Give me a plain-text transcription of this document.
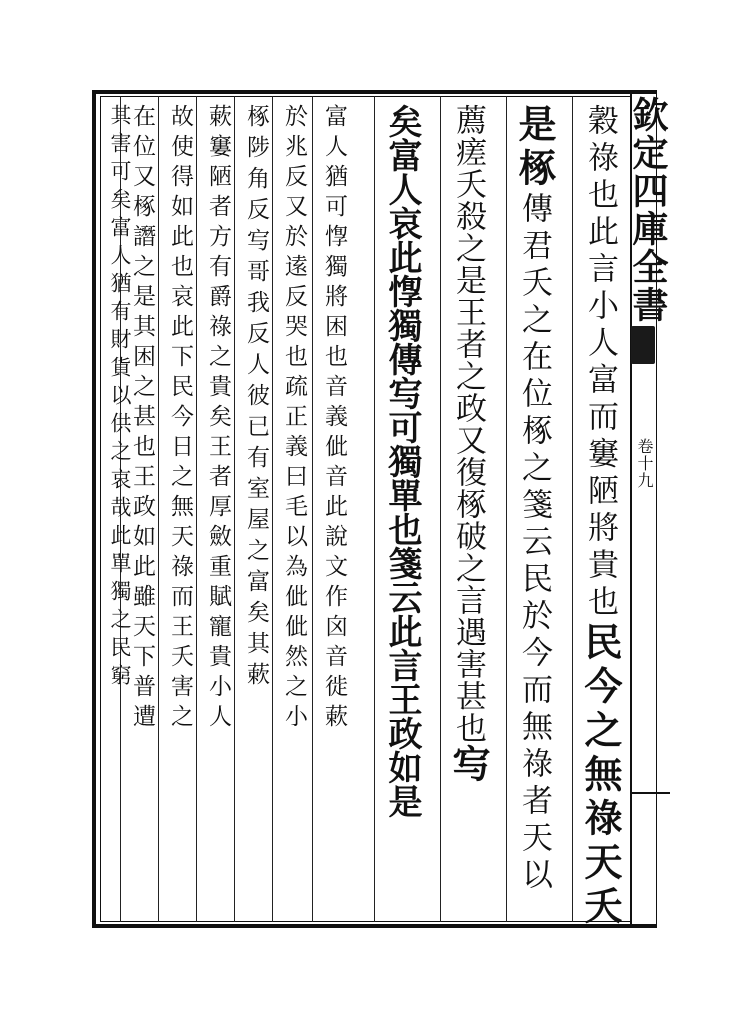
欽定四庫全書
卷十九
穀祿也此言小人富而窶陋將貴也民今之無祿天夭
是椓傳君夭之在位椓之箋云民於今而無祿者天以
薦瘥夭殺之是王者之政又復椓破之言遇害甚也㝍
矣富人哀此惸獨傳㝍可獨單也箋云此言王政如是
富人猶可惸獨將困也音義佌音此說文作囟音徙蔌
於兆反又於逺反哭也疏正義曰毛以為佌佌然之小
椓陟角反㝍哥我反人彼已有室屋之富矣其蔌
蔌窶陋者方有爵祿之貴矣王者厚斂重賦寵貴小人
故使得如此也哀此下民今日之無天祿而王夭害之
在位又椓譖之是其困之甚也王政如此雖天下普遭
其害可矣富人猶有財貨以供之哀哉此單獨之民窮
